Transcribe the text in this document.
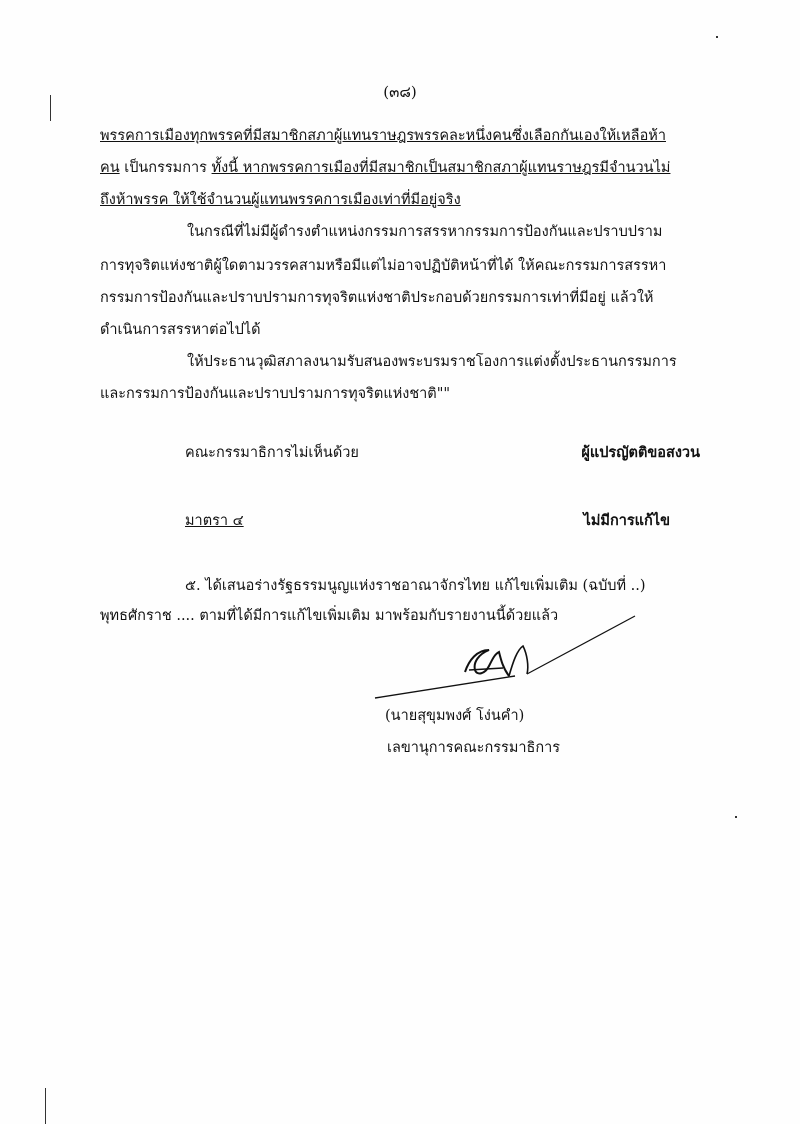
(๓๘)
พรรคการเมืองทุกพรรคที่มีสมาชิกสภาผู้แทนราษฎรพรรคละหนึ่งคนซึ่งเลือกกันเองให้เหลือห้า
คน เป็นกรรมการ ทั้งนี้ หากพรรคการเมืองที่มีสมาชิกเป็นสมาชิกสภาผู้แทนราษฎรมีจำนวนไม่
ถึงห้าพรรค ให้ใช้จำนวนผู้แทนพรรคการเมืองเท่าที่มีอยู่จริง
ในกรณีที่ไม่มีผู้ดำรงตำแหน่งกรรมการสรรหากรรมการป้องกันและปราบปราม
การทุจริตแห่งชาติผู้ใดตามวรรคสามหรือมีแต่ไม่อาจปฏิบัติหน้าที่ได้ ให้คณะกรรมการสรรหา
กรรมการป้องกันและปราบปรามการทุจริตแห่งชาติประกอบด้วยกรรมการเท่าที่มีอยู่ แล้วให้
ดำเนินการสรรหาต่อไปได้
ให้ประธานวุฒิสภาลงนามรับสนองพระบรมราชโองการแต่งตั้งประธานกรรมการ
และกรรมการป้องกันและปราบปรามการทุจริตแห่งชาติ""
คณะกรรมาธิการไม่เห็นด้วย	ผู้แปรญัตติขอสงวน
มาตรา ๔	ไม่มีการแก้ไข
๕. ได้เสนอร่างรัฐธรรมนูญแห่งราชอาณาจักรไทย แก้ไขเพิ่มเติม (ฉบับที่ ..)
พุทธศักราช .... ตามที่ได้มีการแก้ไขเพิ่มเติม มาพร้อมกับรายงานนี้ด้วยแล้ว
(นายสุขุมพงศ์ โง่นคำ)
เลขานุการคณะกรรมาธิการ
